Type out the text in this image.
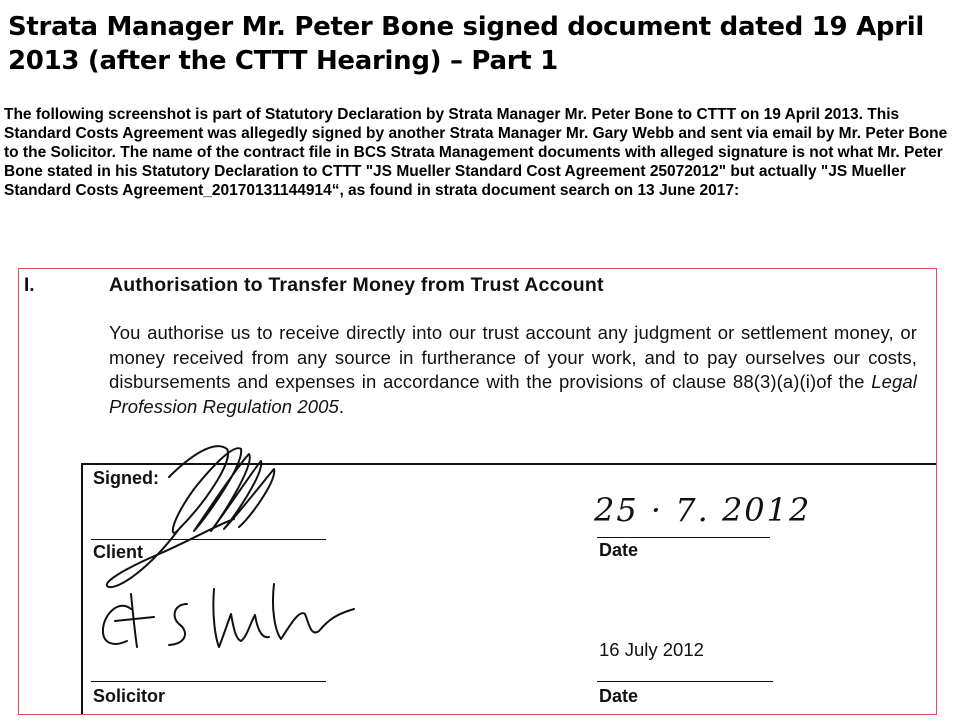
Strata Manager Mr. Peter Bone signed document dated 19 April 2013 (after the CTTT Hearing) – Part 1
The following screenshot is part of Statutory Declaration by Strata Manager Mr. Peter Bone to CTTT on 19 April 2013. This Standard Costs Agreement was allegedly signed by another Strata Manager Mr. Gary Webb and sent via email by Mr. Peter Bone to the Solicitor. The name of the contract file in BCS Strata Management documents with alleged signature is not what Mr. Peter Bone stated in his Statutory Declaration to CTTT "JS Mueller Standard Cost Agreement 25072012" but actually "JS Mueller Standard Costs Agreement_20170131144914“, as found in strata document search on 13 June 2017:
I.	Authorisation to Transfer Money from Trust Account
You authorise us to receive directly into our trust account any judgment or settlement money, or money received from any source in furtherance of your work, and to pay ourselves our costs, disbursements and expenses in accordance with the provisions of clause 88(3)(a)(i)of the Legal Profession Regulation 2005.
Signed:
Client
25 · 7. 2012
Date
16 July 2012
Date
Solicitor
